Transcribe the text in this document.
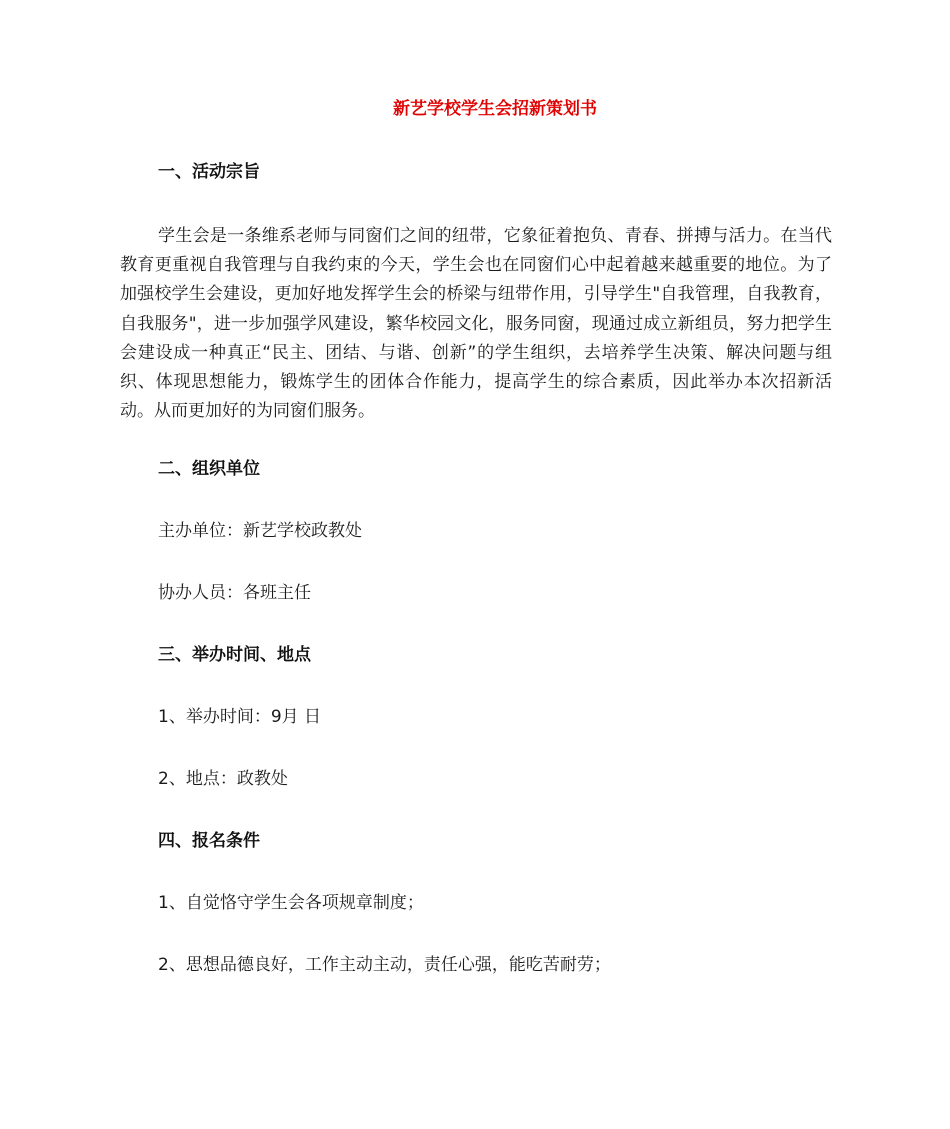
新艺学校学生会招新策划书
一、活动宗旨
学生会是一条维系老师与同窗们之间的纽带，它象征着抱负、青春、拼搏与活力。在当代教育更重视自我管理与自我约束的今天，学生会也在同窗们心中起着越来越重要的地位。为了加强校学生会建设，更加好地发挥学生会的桥梁与纽带作用，引导学生"自我管理，自我教育，自我服务"，进一步加强学风建设，繁华校园文化，服务同窗，现通过成立新组员，努力把学生会建设成一种真正“民主、团结、与谐、创新”的学生组织，去培养学生决策、解决问题与组织、体现思想能力，锻炼学生的团体合作能力，提高学生的综合素质，因此举办本次招新活动。从而更加好的为同窗们服务。
二、组织单位
主办单位：新艺学校政教处
协办人员：各班主任
三、举办时间、地点
1、举办时间：9月 日
2、地点：政教处
四、报名条件
1、自觉恪守学生会各项规章制度；
2、思想品德良好，工作主动主动，责任心强，能吃苦耐劳；
